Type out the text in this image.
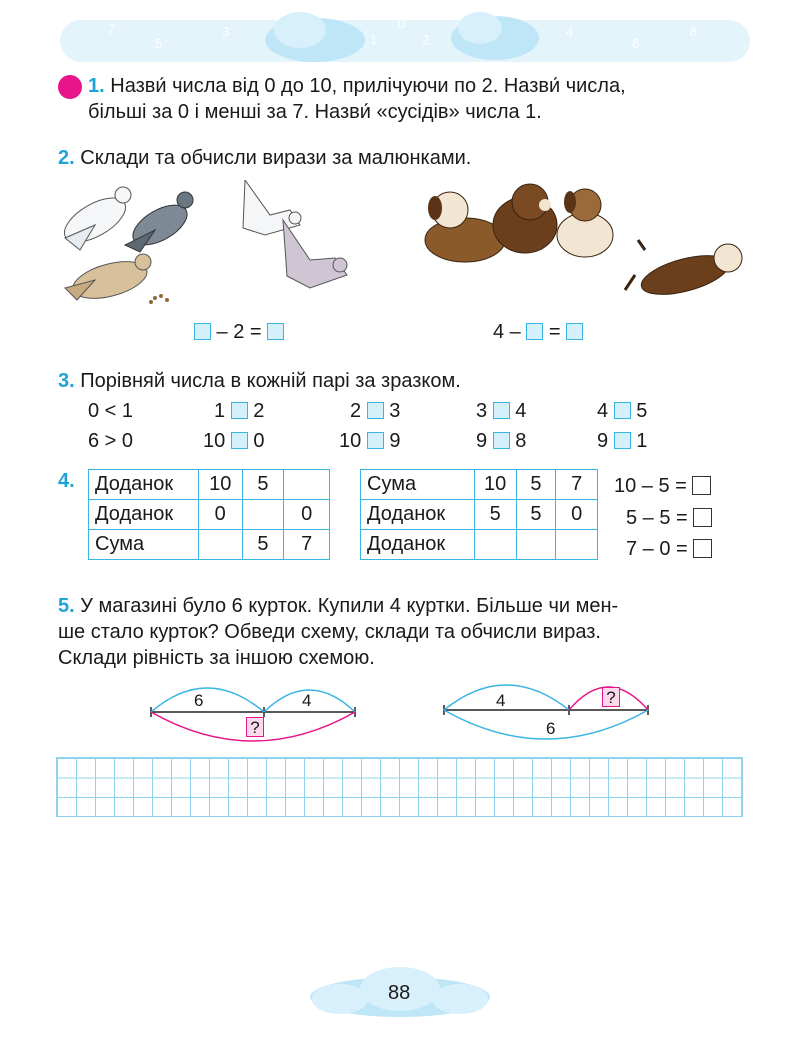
7
5
3
0
1	2
4
6
8
1. Назви́ числа від 0 до 10, прилічуючи по 2. Назви́ числа,
більші за 0 і менші за 7. Назви́ «сусідів» числа 1.
2. Склади та обчисли вирази за малюнками.
– 2 =	4 –  =
3. Порівняй числа в кожній парі за зразком.
0 < 1	1 2	2 3	3 4	4 5
6 > 0	10 0	10 9	9 8	9 1
4. Доданок	10	5	
Доданок	0		0
Сума		5	7
Сума	10	5	7
Доданок	5	5	0
Доданок			
10 – 5 =
5 – 5 =
7 – 0 =
5. У магазині було 6 курток. Купили 4 куртки. Більше чи мен-
ше стало курток? Обведи схему, склади та обчисли вираз.
Склади рівність за іншою схемою.
6	4
?
4	?
6
88
